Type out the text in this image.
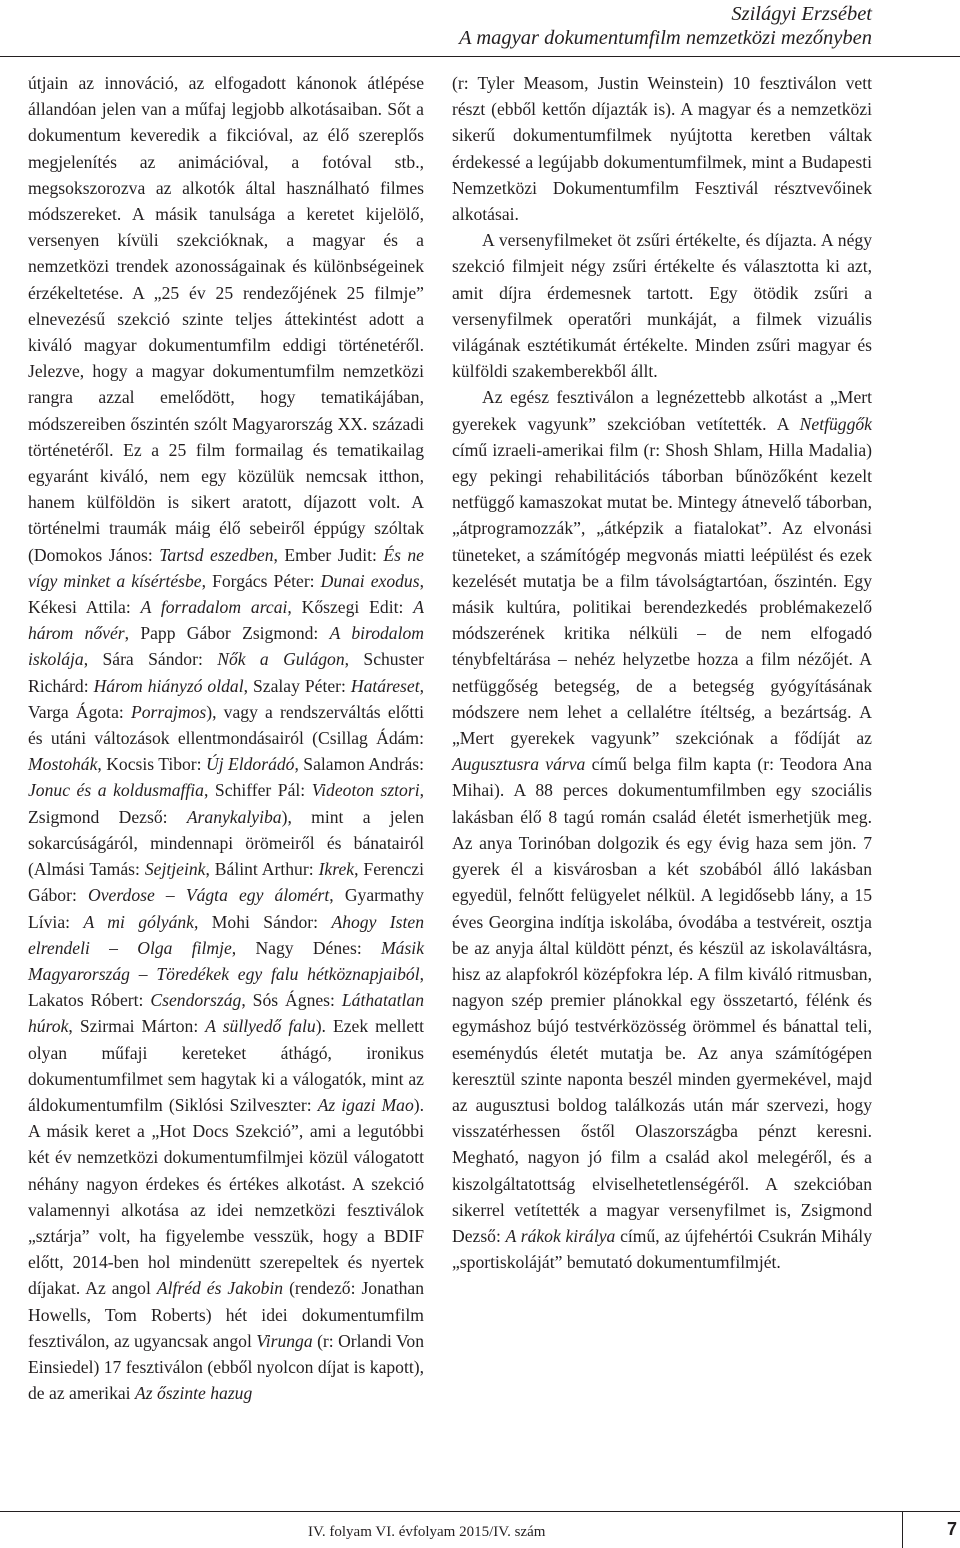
Szilágyi Erzsébet
A magyar dokumentumfilm nemzetközi mezőnyben

útjain az innováció, az elfogadott kánonok átlépése állandóan jelen van a műfaj legjobb alkotásaiban. Sőt a dokumentum keveredik a fikcióval, az élő szereplős megjelenítés az animációval, a fotóval stb., megsokszorozva az alkotók által használható filmes módszereket. A másik tanulsága a keretet kijelölő, versenyen kívüli szekcióknak, a magyar és a nemzetközi trendek azonosságainak és különbségeinek érzékeltetése. A „25 év 25 rendezőjének 25 filmje” elnevezésű szekció szinte teljes áttekintést adott a kiváló magyar dokumentumfilm eddigi történetéről. Jelezve, hogy a magyar dokumentumfilm nemzetközi rangra azzal emelődött, hogy tematikájában, módszereiben őszintén szólt Magyarország XX. századi történetéről. Ez a 25 film formailag és tematikailag egyaránt kiváló, nem egy közülük nemcsak itthon, hanem külföldön is sikert aratott, díjazott volt. A történelmi traumák máig élő sebeiről éppúgy szóltak (Domokos János: Tartsd eszedben, Ember Judit: És ne vígy minket a kísértésbe, Forgács Péter: Dunai exodus, Kékesi Attila: A forradalom arcai, Kőszegi Edit: A három nővér, Papp Gábor Zsigmond: A birodalom iskolája, Sára Sándor: Nők a Gulágon, Schuster Richárd: Három hiányzó oldal, Szalay Péter: Határeset, Varga Ágota: Porrajmos), vagy a rendszerváltás előtti és utáni változások ellentmondásairól (Csillag Ádám: Mostohák, Kocsis Tibor: Új Eldorádó, Salamon András: Jonuc és a koldusmaffia, Schiffer Pál: Videoton sztori, Zsigmond Dezső: Aranykalyiba), mint a jelen sokarcúságáról, mindennapi örömeiről és bánatairól (Almási Tamás: Sejtjeink, Bálint Arthur: Ikrek, Ferenczi Gábor: Overdose – Vágta egy álomért, Gyarmathy Lívia: A mi gólyánk, Mohi Sándor: Ahogy Isten elrendeli – Olga filmje, Nagy Dénes: Másik Magyarország – Töredékek egy falu hétköznapjaiból, Lakatos Róbert: Csendország, Sós Ágnes: Láthatatlan húrok, Szirmai Márton: A süllyedő falu). Ezek mellett olyan műfaji kereteket áthágó, ironikus dokumentumfilmet sem hagytak ki a válogatók, mint az áldokumentumfilm (Siklósi Szilveszter: Az igazi Mao). A másik keret a „Hot Docs Szekció”, ami a legutóbbi két év nemzetközi dokumentumfilmjei közül válogatott néhány nagyon érdekes és értékes alkotást. A szekció valamennyi alkotása az idei nemzetközi fesztiválok „sztárja” volt, ha figyelembe vesszük, hogy a BDIF előtt, 2014-ben hol mindenütt szerepeltek és nyertek díjakat. Az angol Alfréd és Jakobin (rendező: Jonathan Howells, Tom Roberts) hét idei dokumentumfilm fesztiválon, az ugyancsak angol Virunga (r: Orlandi Von Einsiedel) 17 fesztiválon (ebből nyolcon díjat is kapott), de az amerikai Az őszinte hazug

(r: Tyler Measom, Justin Weinstein) 10 fesztiválon vett részt (ebből kettőn díjazták is). A magyar és a nemzetközi sikerű dokumentumfilmek nyújtotta keretben váltak érdekessé a legújabb dokumentumfilmek, mint a Budapesti Nemzetközi Dokumentumfilm Fesztivál résztvevőinek alkotásai.

A versenyfilmeket öt zsűri értékelte, és díjazta. A négy szekció filmjeit négy zsűri értékelte és választotta ki azt, amit díjra érdemesnek tartott. Egy ötödik zsűri a versenyfilmek operatőri munkáját, a filmek vizuális világának esztétikumát értékelte. Minden zsűri magyar és külföldi szakemberekből állt.

Az egész fesztiválon a legnézettebb alkotást a „Mert gyerekek vagyunk” szekcióban vetítették. A Netfüggők című izraeli-amerikai film (r: Shosh Shlam, Hilla Madalia) egy pekingi rehabilitációs táborban bűnözőként kezelt netfüggő kamaszokat mutat be. Mintegy átnevelő táborban, „átprogramozzák”, „átképzik a fiatalokat”. Az elvonási tüneteket, a számítógép megvonás miatti leépülést és ezek kezelését mutatja be a film távolságtartóan, őszintén. Egy másik kultúra, politikai berendezkedés problémakezelő módszerének kritika nélküli – de nem elfogadó ténybfeltárása – nehéz helyzetbe hozza a film nézőjét. A netfüggőség betegség, de a betegség gyógyításának módszere nem lehet a cellalétre ítéltség, a bezártság. A „Mert gyerekek vagyunk” szekciónak a fődíját az Augusztusra várva című belga film kapta (r: Teodora Ana Mihai). A 88 perces dokumentumfilmben egy szociális lakásban élő 8 tagú román család életét ismerhetjük meg. Az anya Torinóban dolgozik és egy évig haza sem jön. 7 gyerek él a kisvárosban a két szobából álló lakásban egyedül, felnőtt felügyelet nélkül. A legidősebb lány, a 15 éves Georgina indítja iskolába, óvodába a testvéreit, osztja be az anyja által küldött pénzt, és készül az iskolaváltásra, hisz az alapfokról középfokra lép. A film kiváló ritmusban, nagyon szép premier plánokkal egy összetartó, félénk és egymáshoz bújó testvérközösség örömmel és bánattal teli, eseménydús életét mutatja be. Az anya számítógépen keresztül szinte naponta beszél minden gyermekével, majd az augusztusi boldog találkozás után már szervezi, hogy visszatérhessen őstől Olaszországba pénzt keresni. Megható, nagyon jó film a család akol melegéről, és a kiszolgáltatottság elviselhetetlenségéről. A szekcióban sikerrel vetítették a magyar versenyfilmet is, Zsigmond Dezső: A rákok királya című, az újfehértói Csukrán Mihály „sportiskoláját” bemutató dokumentumfilmjét.

IV. folyam VI. évfolyam 2015/IV. szám	7
